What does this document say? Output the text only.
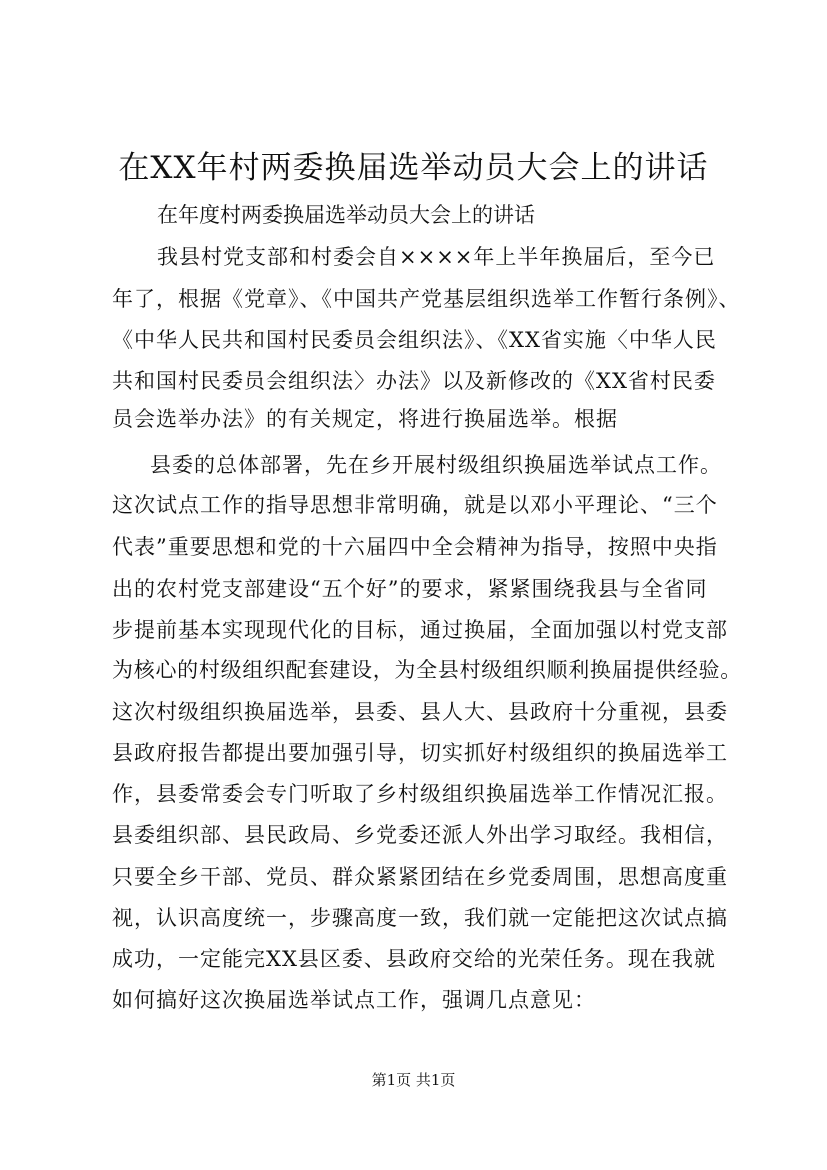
在XX年村两委换届选举动员大会上的讲话
在年度村两委换届选举动员大会上的讲话
我县村党支部和村委会自××××年上半年换届后，至今已
年了，根据《党章》、《中国共产党基层组织选举工作暂行条例》、
《中华人民共和国村民委员会组织法》、《XX省实施〈中华人民
共和国村民委员会组织法〉办法》以及新修改的《XX省村民委
员会选举办法》的有关规定，将进行换届选举。根据
县委的总体部署，先在乡开展村级组织换届选举试点工作。
这次试点工作的指导思想非常明确，就是以邓小平理论、“三个
代表”重要思想和党的十六届四中全会精神为指导，按照中央指
出的农村党支部建设“五个好”的要求，紧紧围绕我县与全省同
步提前基本实现现代化的目标，通过换届，全面加强以村党支部
为核心的村级组织配套建设，为全县村级组织顺利换届提供经验。
这次村级组织换届选举，县委、县人大、县政府十分重视，县委
县政府报告都提出要加强引导，切实抓好村级组织的换届选举工
作，县委常委会专门听取了乡村级组织换届选举工作情况汇报。
县委组织部、县民政局、乡党委还派人外出学习取经。我相信，
只要全乡干部、党员、群众紧紧团结在乡党委周围，思想高度重
视，认识高度统一，步骤高度一致，我们就一定能把这次试点搞
成功，一定能完XX县区委、县政府交给的光荣任务。现在我就
如何搞好这次换届选举试点工作，强调几点意见：
第1页 共1页
